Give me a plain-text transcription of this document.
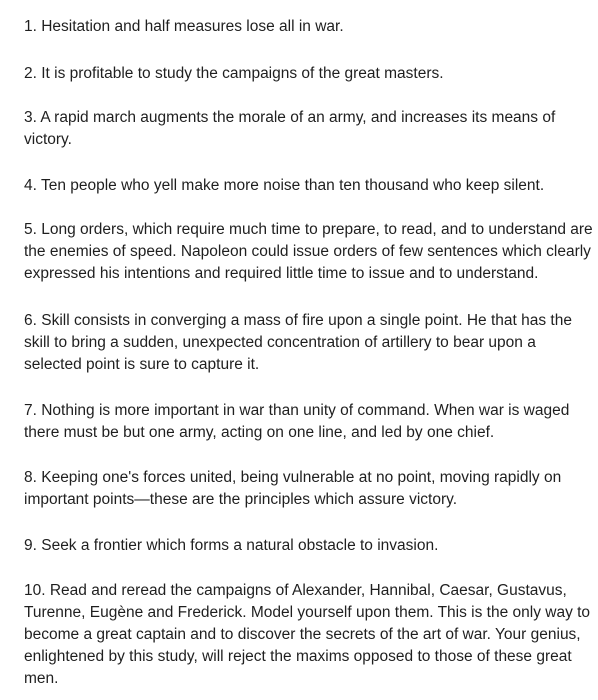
1. Hesitation and half measures lose all in war.

2. It is profitable to study the campaigns of the great masters.

3. A rapid march augments the morale of an army, and increases its means of
victory.

4. Ten people who yell make more noise than ten thousand who keep silent.

5. Long orders, which require much time to prepare, to read, and to understand are
the enemies of speed. Napoleon could issue orders of few sentences which clearly
expressed his intentions and required little time to issue and to understand.

6. Skill consists in converging a mass of fire upon a single point. He that has the
skill to bring a sudden, unexpected concentration of artillery to bear upon a
selected point is sure to capture it.

7. Nothing is more important in war than unity of command. When war is waged
there must be but one army, acting on one line, and led by one chief.

8. Keeping one's forces united, being vulnerable at no point, moving rapidly on
important points—these are the principles which assure victory.

9. Seek a frontier which forms a natural obstacle to invasion.

10. Read and reread the campaigns of Alexander, Hannibal, Caesar, Gustavus,
Turenne, Eugène and Frederick. Model yourself upon them. This is the only way to
become a great captain and to discover the secrets of the art of war. Your genius,
enlightened by this study, will reject the maxims opposed to those of these great
men.
